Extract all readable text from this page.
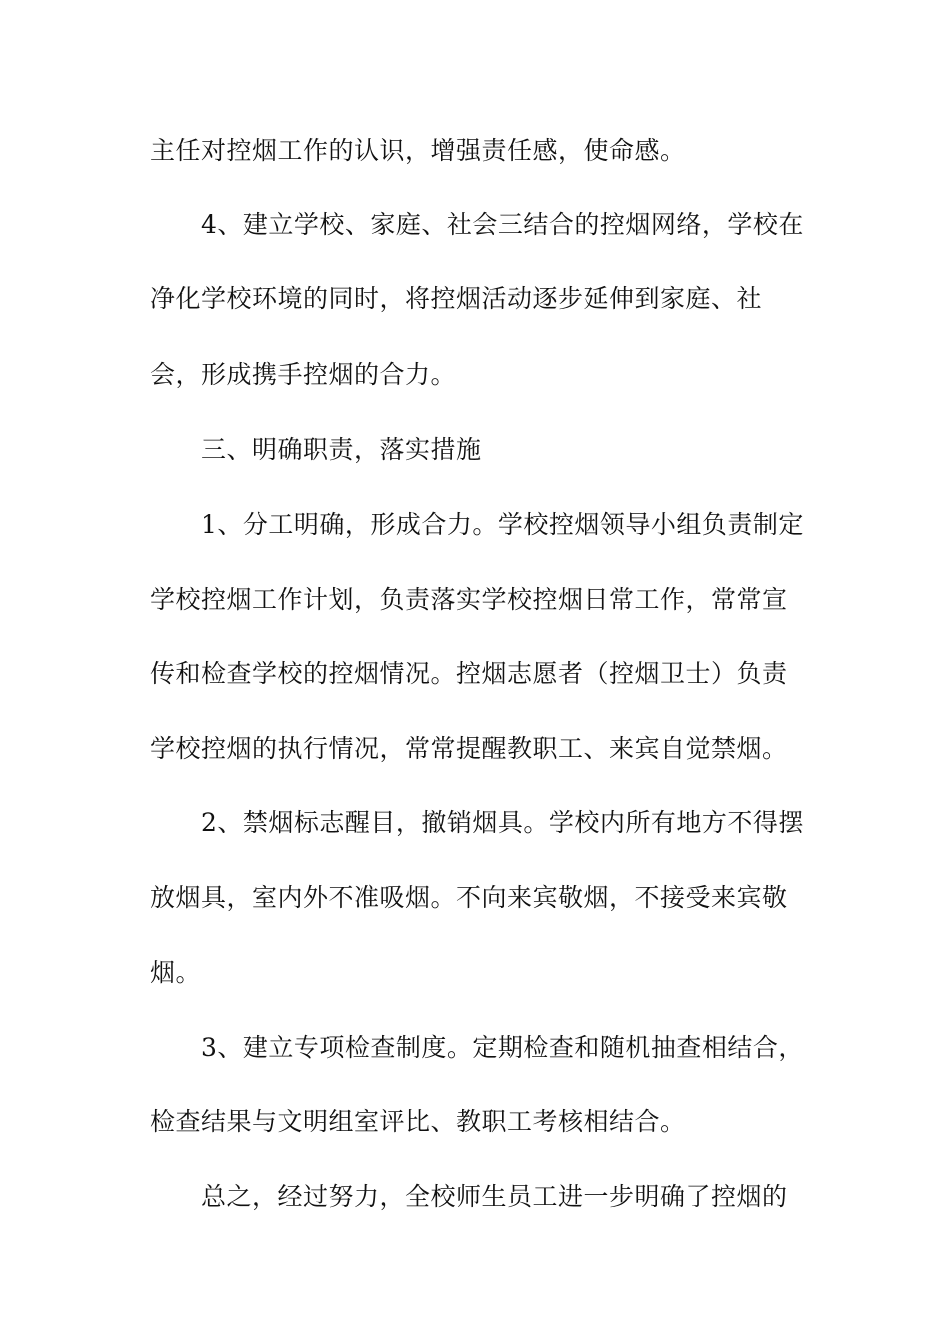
主任对控烟工作的认识，增强责任感，使命感。
4、建立学校、家庭、社会三结合的控烟网络，学校在
净化学校环境的同时，将控烟活动逐步延伸到家庭、社
会，形成携手控烟的合力。
三、明确职责，落实措施
1、分工明确，形成合力。学校控烟领导小组负责制定
学校控烟工作计划，负责落实学校控烟日常工作，常常宣
传和检查学校的控烟情况。控烟志愿者（控烟卫士）负责
学校控烟的执行情况，常常提醒教职工、来宾自觉禁烟。
2、禁烟标志醒目，撤销烟具。学校内所有地方不得摆
放烟具，室内外不准吸烟。不向来宾敬烟，不接受来宾敬
烟。
3、建立专项检查制度。定期检查和随机抽查相结合，
检查结果与文明组室评比、教职工考核相结合。
总之，经过努力，全校师生员工进一步明确了控烟的
